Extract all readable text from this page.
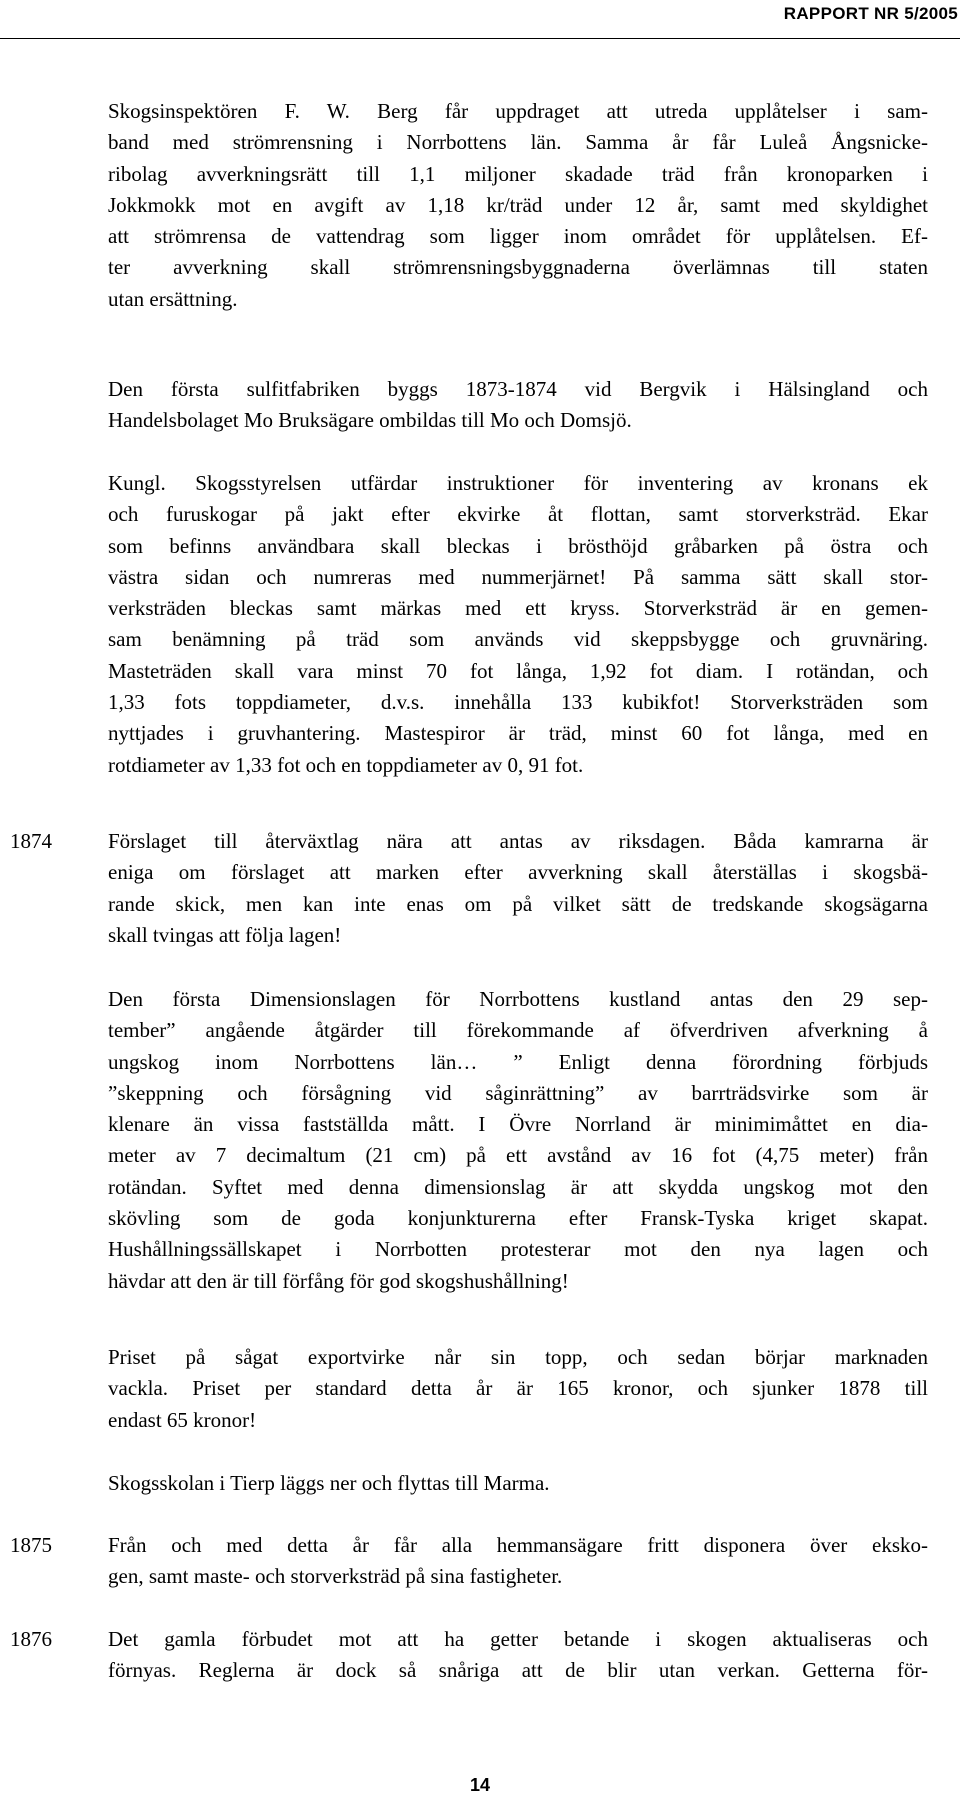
RAPPORT NR 5/2005
Skogsinspektören F. W. Berg får uppdraget att utreda upplåtelser i sam-
band med strömrensning i Norrbottens län. Samma år får Luleå Ångsnicke-
ribolag avverkningsrätt till 1,1 miljoner skadade träd från kronoparken i
Jokkmokk mot en avgift av 1,18 kr/träd under 12 år, samt med skyldighet
att strömrensa de vattendrag som ligger inom området för upplåtelsen. Ef-
ter avverkning skall strömrensningsbyggnaderna överlämnas till staten
utan ersättning.
Den första sulfitfabriken byggs 1873-1874 vid Bergvik i Hälsingland och
Handelsbolaget Mo Bruksägare ombildas till Mo och Domsjö.
Kungl. Skogsstyrelsen utfärdar instruktioner för inventering av kronans ek
och furuskogar på jakt efter ekvirke åt flottan, samt storverksträd. Ekar
som befinns användbara skall bleckas i brösthöjd gråbarken på östra och
västra sidan och numreras med nummerjärnet! På samma sätt skall stor-
verksträden bleckas samt märkas med ett kryss. Storverksträd är en gemen-
sam benämning på träd som används vid skeppsbygge och gruvnäring.
Masteträden skall vara minst 70 fot långa, 1,92 fot diam. I rotändan, och
1,33 fots toppdiameter, d.v.s. innehålla 133 kubikfot! Storverksträden som
nyttjades i gruvhantering. Mastespiror är träd, minst 60 fot långa, med en
rotdiameter av 1,33 fot och en toppdiameter av 0, 91 fot.
1874	Förslaget till återväxtlag nära att antas av riksdagen. Båda kamrarna är
eniga om förslaget att marken efter avverkning skall återställas i skogsbä-
rande skick, men kan inte enas om på vilket sätt de tredskande skogsägarna
skall tvingas att följa lagen!
Den första Dimensionslagen för Norrbottens kustland antas den 29 sep-
tember” angående åtgärder till förekommande af öfverdriven afverkning å
ungskog inom Norrbottens län… ” Enligt denna förordning förbjuds
”skeppning och försågning vid såginrättning” av barrträdsvirke som är
klenare än vissa fastställda mått. I Övre Norrland är minimimåttet en dia-
meter av 7 decimaltum (21 cm) på ett avstånd av 16 fot (4,75 meter) från
rotändan. Syftet med denna dimensionslag är att skydda ungskog mot den
skövling som de goda konjunkturerna efter Fransk-Tyska kriget skapat.
Hushållningssällskapet i Norrbotten protesterar mot den nya lagen och
hävdar att den är till förfång för god skogshushållning!
Priset på sågat exportvirke når sin topp, och sedan börjar marknaden
vackla. Priset per standard detta år är 165 kronor, och sjunker 1878 till
endast 65 kronor!
Skogsskolan i Tierp läggs ner och flyttas till Marma.
1875	Från och med detta år får alla hemmansägare fritt disponera över eksko-
gen, samt maste- och storverksträd på sina fastigheter.
1876	Det gamla förbudet mot att ha getter betande i skogen aktualiseras och
förnyas. Reglerna är dock så snåriga att de blir utan verkan. Getterna för-
14
